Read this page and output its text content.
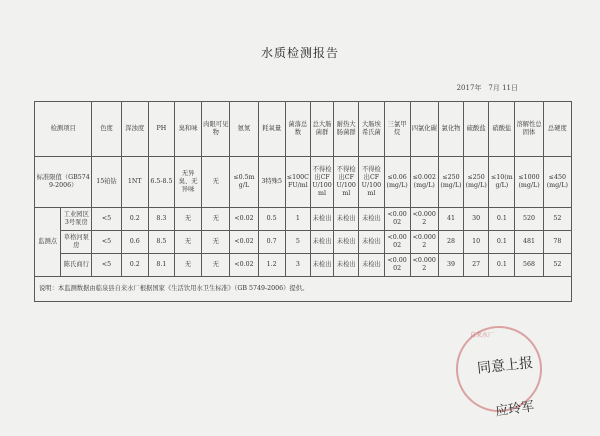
水质检测报告
2017年　7月 11日
检测项目		色度	浑浊度	PH	臭和味	肉眼可见物	氨氮	耗氧量	菌落总数	总大肠菌群	耐热大肠菌群	大肠埃希氏菌	三氯甲烷	四氯化碳	氯化物	硫酸盐	硝酸盐	溶解性总固体	总硬度
标准限值（GB5749-2006）		15铂钴	1NT	6.5-8.5	无异臭、无异味	无	≤0.5mg/L	3特殊5	≤100CFU/ml	不得检出CFU/100ml	不得检出CFU/100ml	不得检出CFU/100ml	≤0.06(mg/L)	≤0.002(mg/L)	≤250(mg/L)	≤250(mg/L)	≤10(mg/L)	≤1000(mg/L)	≤450(mg/L)
监测点	工业园区3号泵房	<5	0.2	8.3	无	无	<0.02	0.5	1	未检出	未检出	未检出	<0.0002	<0.0002	41	30	0.1	520	52
	草格河泵房	<5	0.6	8.5	无	无	<0.02	0.7	5	未检出	未检出	未检出	<0.0002	<0.0002	28	10	0.1	481	78
	陈氏商行	<5	0.2	8.1	无	无	<0.02	1.2	3	未检出	未检出	未检出	<0.0002	<0.0002	39	27	0.1	568	52
说明：本监测数据由临泉县自来水厂根据国家《生活饮用水卫生标准》（GB 5749-2006）提供。																			
自来水厂
同意上报
应玲军
